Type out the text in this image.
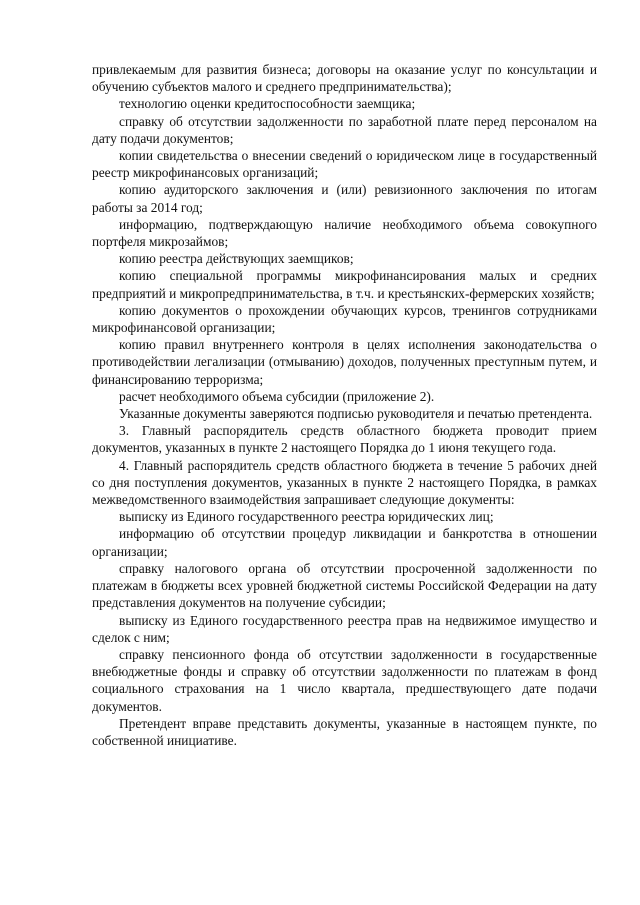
привлекаемым для развития бизнеса; договоры на оказание услуг по консультации и обучению субъектов малого и среднего предпринимательства);

технологию оценки кредитоспособности заемщика;

справку об отсутствии задолженности по заработной плате перед персоналом на дату подачи документов;

копии свидетельства о внесении сведений о юридическом лице в государственный реестр микрофинансовых организаций;

копию аудиторского заключения и (или) ревизионного заключения по итогам работы за 2014 год;

информацию, подтверждающую наличие необходимого объема совокупного портфеля микрозаймов;

копию реестра действующих заемщиков;

копию специальной программы микрофинансирования малых и средних предприятий и микропредпринимательства, в т.ч. и крестьянских-фермерских хозяйств;

копию документов о прохождении обучающих курсов, тренингов сотрудниками микрофинансовой организации;

копию правил внутреннего контроля в целях исполнения законодательства о противодействии легализации (отмыванию) доходов, полученных преступным путем, и финансированию терроризма;

расчет необходимого объема субсидии (приложение 2).

Указанные документы заверяются подписью руководителя и печатью претендента.

3. Главный распорядитель средств областного бюджета проводит прием документов, указанных в пункте 2 настоящего Порядка до 1 июня текущего года.

4. Главный распорядитель средств областного бюджета в течение 5 рабочих дней со дня поступления документов, указанных в пункте 2 настоящего Порядка, в рамках межведомственного взаимодействия запрашивает следующие документы:

выписку из Единого государственного реестра юридических лиц;

информацию об отсутствии процедур ликвидации и банкротства в отношении организации;

справку налогового органа об отсутствии просроченной задолженности по платежам в бюджеты всех уровней бюджетной системы Российской Федерации на дату представления документов на получение субсидии;

выписку из Единого государственного реестра прав на недвижимое имущество и сделок с ним;

справку пенсионного фонда об отсутствии задолженности в государственные внебюджетные фонды и справку об отсутствии задолженности по платежам в фонд социального страхования на 1 число квартала, предшествующего дате подачи документов.

Претендент вправе представить документы, указанные в настоящем пункте, по собственной инициативе.
